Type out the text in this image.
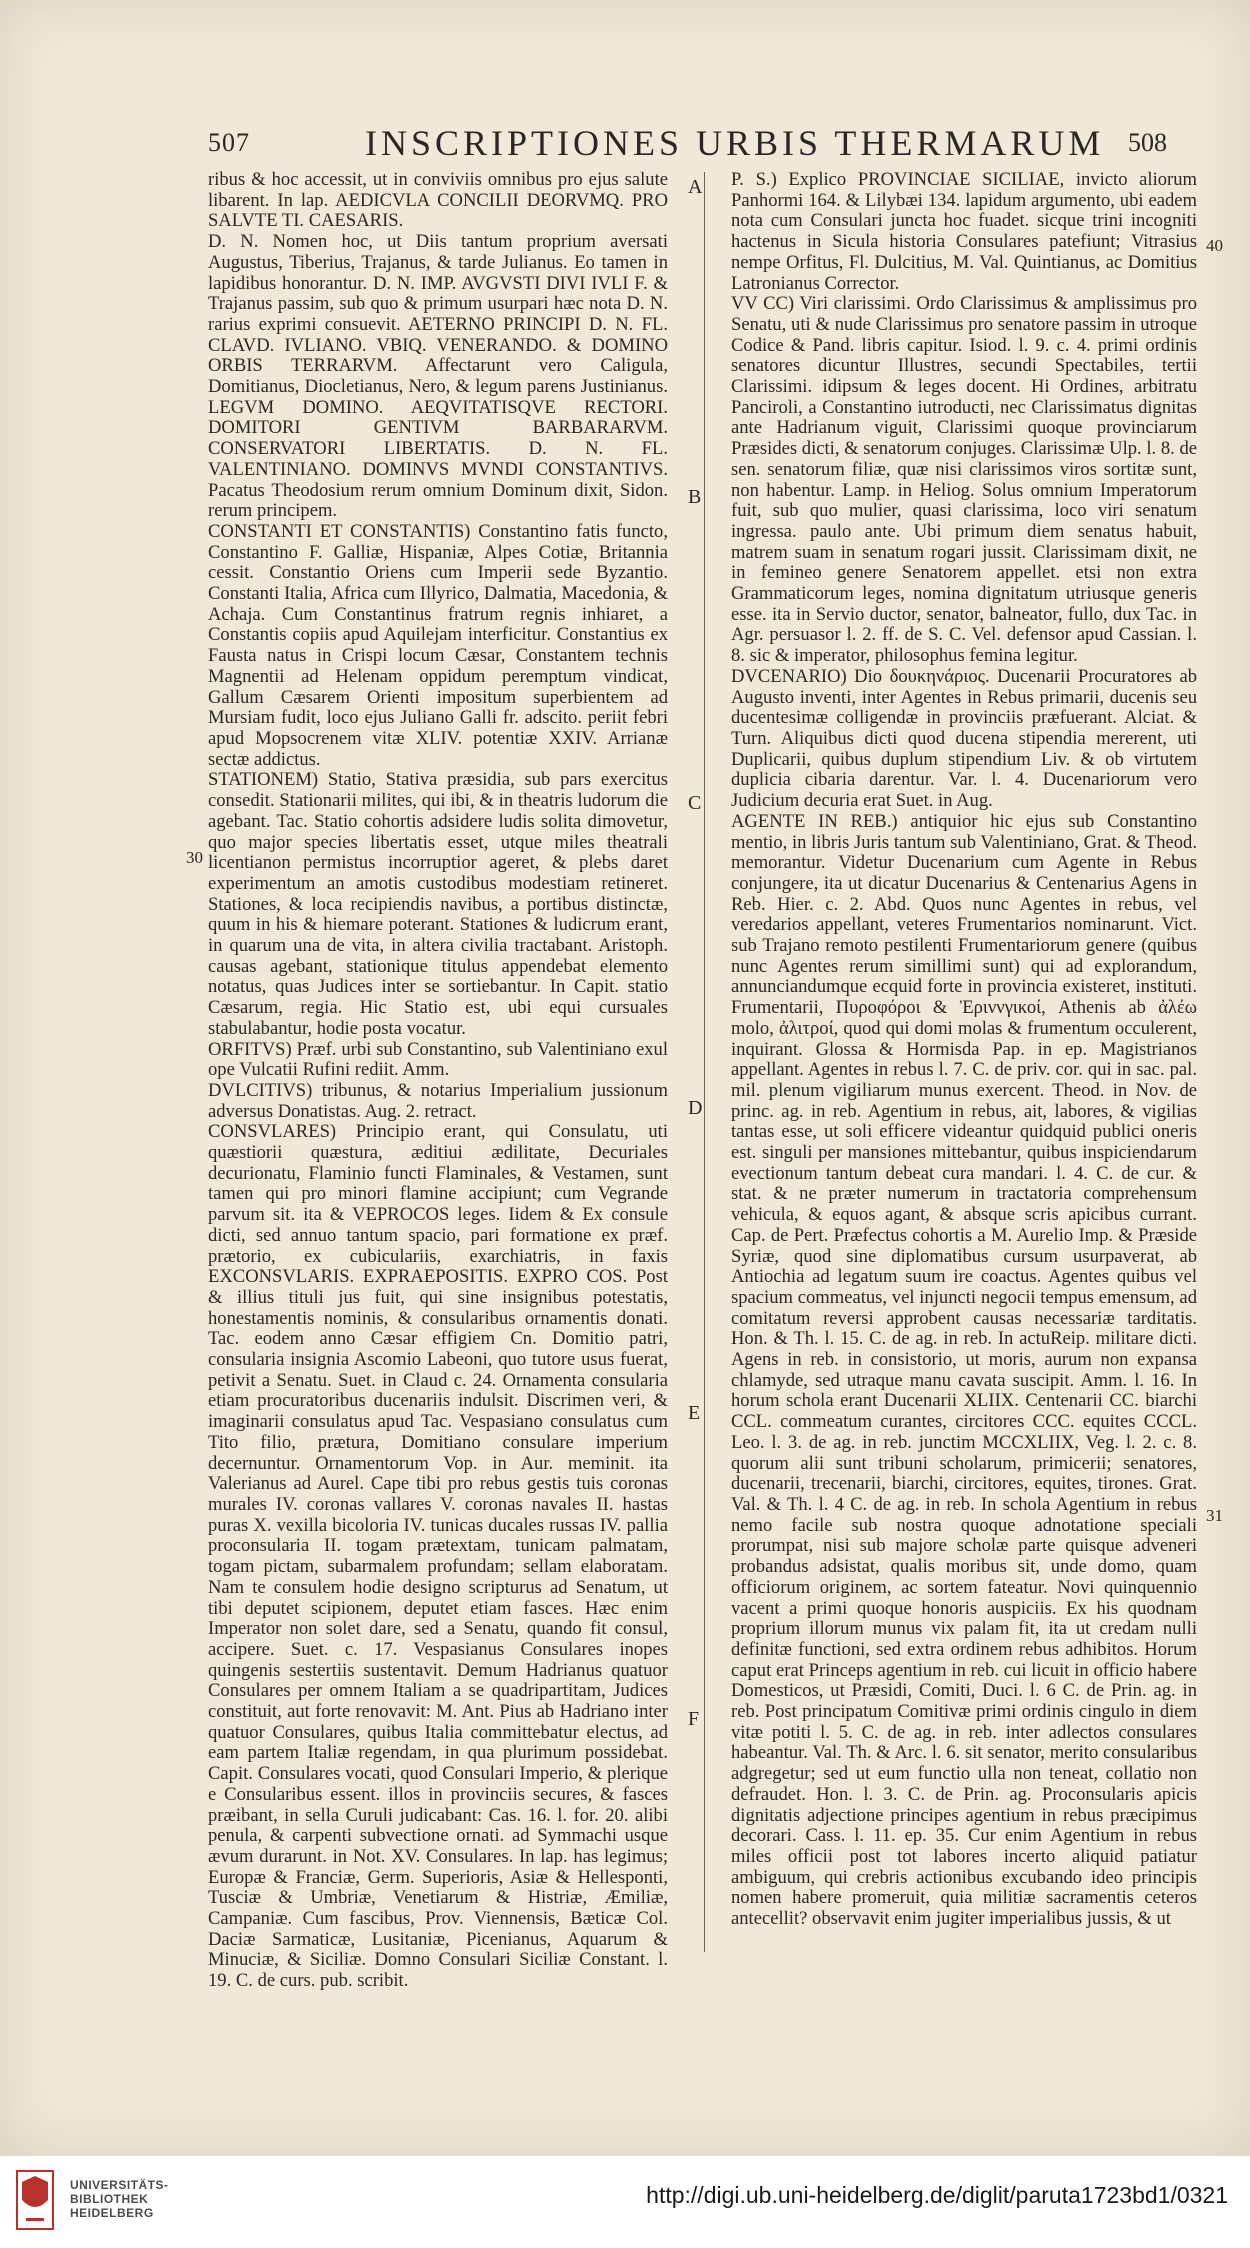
507	INSCRIPTIONES URBIS THERMARUM 508

ribus & hoc accessit, ut in conviviis omnibus pro ejus salute libarent. In lap. AEDICVLA CONCILII DEORVMQ. PRO SALVTE TI. CAESARIS.

D. N. Nomen hoc, ut Diis tantum proprium aversati Augustus, Tiberius, Trajanus, & tarde Julianus. Eo tamen in lapidibus honorantur. D. N. IMP. AVGVSTI DIVI IVLI F. & Trajanus passim, sub quo & primum usurpari hæc nota D. N. rarius exprimi consuevit. AETERNO PRINCIPI D. N. FL. CLAVD. IVLIANO. VBIQ. VENERANDO. & DOMINO ORBIS TERRARVM. Affectarunt vero Caligula, Domitianus, Diocletianus, Nero, & legum parens Justinianus. LEGVM DOMINO. AEQVITATISQVE RECTORI. DOMITORI GENTIVM BARBARARVM. CONSERVATORI LIBERTATIS. D. N. FL. VALENTINIANO. DOMINVS MVNDI CONSTANTIVS. Pacatus Theodosium rerum omnium Dominum dixit, Sidon. rerum principem.

CONSTANTI ET CONSTANTIS) Constantino fatis functo, Constantino F. Galliæ, Hispaniæ, Alpes Cotiæ, Britannia cessit. Constantio Oriens cum Imperii sede Byzantio. Constanti Italia, Africa cum Illyrico, Dalmatia, Macedonia, & Achaja. Cum Constantinus fratrum regnis inhiaret, a Constantis copiis apud Aquilejam interficitur. Constantius ex Fausta natus in Crispi locum Cæsar, Constantem technis Magnentii ad Helenam oppidum peremptum vindicat, Gallum Cæsarem Orienti impositum superbientem ad Mursiam fudit, loco ejus Juliano Galli fr. adscito. periit febri apud Mopsocrenem vitæ XLIV. potentiæ XXIV. Arrianæ sectæ addictus.

STATIONEM) Statio, Stativa præsidia, sub pars exercitus consedit. Stationarii milites, qui ibi, & in theatris ludorum die agebant. Tac. Statio cohortis adsidere ludis solita dimovetur, quo major species libertatis esset, utque miles theatrali licentianon permistus incorruptior ageret, & plebs daret experimentum an amotis custodibus modestiam retineret. Stationes, & loca recipiendis navibus, a portibus distinctæ, quum in his & hiemare poterant. Stationes & ludicrum erant, in quarum una de vita, in altera civilia tractabant. Aristoph. causas agebant, stationique titulus appendebat elemento notatus, quas Judices inter se sortiebantur. In Capit. statio Cæsarum, regia. Hic Statio est, ubi equi cursuales stabulabantur, hodie posta vocatur.

ORFITVS) Præf. urbi sub Constantino, sub Valentiniano exul ope Vulcatii Rufini rediit. Amm.

DVLCITIVS) tribunus, & notarius Imperialium jussionum adversus Donatistas. Aug. 2. retract.

CONSVLARES) Principio erant, qui Consulatu, uti quæstiorii quæstura, æditiui ædilitate, Decuriales decurionatu, Flaminio functi Flaminales, & Vestamen, sunt tamen qui pro minori flamine accipiunt; cum Vegrande parvum sit. ita & VEPROCOS leges. Iidem & Ex consule dicti, sed annuo tantum spacio, pari formatione ex præf. prætorio, ex cubiculariis, exarchiatris, in faxis EXCONSVLARIS. EXPRAEPOSITIS. EXPRO COS. Post & illius tituli jus fuit, qui sine insignibus potestatis, honestamentis nominis, & consularibus ornamentis donati. Tac. eodem anno Cæsar effigiem Cn. Domitio patri, consularia insignia Ascomio Labeoni, quo tutore usus fuerat, petivit a Senatu. Suet. in Claud c. 24. Ornamenta consularia etiam procuratoribus ducenariis indulsit. Discrimen veri, & imaginarii consulatus apud Tac. Vespasiano consulatus cum Tito filio, prætura, Domitiano consulare imperium decernuntur. Ornamentorum Vop. in Aur. meminit. ita Valerianus ad Aurel. Cape tibi pro rebus gestis tuis coronas murales IV. coronas vallares V. coronas navales II. hastas puras X. vexilla bicoloria IV. tunicas ducales russas IV. pallia proconsularia II. togam prætextam, tunicam palmatam, togam pictam, subarmalem profundam; sellam elaboratam. Nam te consulem hodie designo scripturus ad Senatum, ut tibi deputet scipionem, deputet etiam fasces. Hæc enim Imperator non solet dare, sed a Senatu, quando fit consul, accipere. Suet. c. 17. Vespasianus Consulares inopes quingenis sestertiis sustentavit. Demum Hadrianus quatuor Consulares per omnem Italiam a se quadripartitam, Judices constituit, aut forte renovavit: M. Ant. Pius ab Hadriano inter quatuor Consulares, quibus Italia committebatur electus, ad eam partem Italiæ regendam, in qua plurimum possidebat. Capit. Consulares vocati, quod Consulari Imperio, & plerique e Consularibus essent. illos in provinciis secures, & fasces præibant, in sella Curuli judicabant: Cas. 16. l. for. 20. alibi penula, & carpenti subvectione ornati. ad Symmachi usque ævum durarunt. in Not. XV. Consulares. In lap. has legimus; Europæ & Franciæ, Germ. Superioris, Asiæ & Hellesponti, Tusciæ & Umbriæ, Venetiarum & Histriæ, Æmiliæ, Campaniæ. Cum fascibus, Prov. Viennensis, Bæticæ Col. Daciæ Sarmaticæ, Lusitaniæ, Picenianus, Aquarum & Minuciæ, & Siciliæ. Domno Consulari Siciliæ Constant. l. 19. C. de curs. pub. scribit.

A
B
C
D
E
F
30
40
31

P. S.) Explico PROVINCIAE SICILIAE, invicto aliorum Panhormi 164. & Lilybæi 134. lapidum argumento, ubi eadem nota cum Consulari juncta hoc fuadet. sicque trini incogniti hactenus in Sicula historia Consulares patefiunt; Vitrasius nempe Orfitus, Fl. Dulcitius, M. Val. Quintianus, ac Domitius Latronianus Corrector.

VV CC) Viri clarissimi. Ordo Clarissimus & amplissimus pro Senatu, uti & nude Clarissimus pro senatore passim in utroque Codice & Pand. libris capitur. Isiod. l. 9. c. 4. primi ordinis senatores dicuntur Illustres, secundi Spectabiles, tertii Clarissimi. idipsum & leges docent. Hi Ordines, arbitratu Panciroli, a Constantino iutroducti, nec Clarissimatus dignitas ante Hadrianum viguit, Clarissimi quoque provinciarum Præsides dicti, & senatorum conjuges. Clarissimæ Ulp. l. 8. de sen. senatorum filiæ, quæ nisi clarissimos viros sortitæ sunt, non habentur. Lamp. in Heliog. Solus omnium Imperatorum fuit, sub quo mulier, quasi clarissima, loco viri senatum ingressa. paulo ante. Ubi primum diem senatus habuit, matrem suam in senatum rogari jussit. Clarissimam dixit, ne in femineo genere Senatorem appellet. etsi non extra Grammaticorum leges, nomina dignitatum utriusque generis esse. ita in Servio ductor, senator, balneator, fullo, dux Tac. in Agr. persuasor l. 2. ff. de S. C. Vel. defensor apud Cassian. l. 8. sic & imperator, philosophus femina legitur.

DVCENARIO) Dio δουκηνάριος. Ducenarii Procuratores ab Augusto inventi, inter Agentes in Rebus primarii, ducenis seu ducentesimæ colligendæ in provinciis præfuerant. Alciat. & Turn. Aliquibus dicti quod ducena stipendia mererent, uti Duplicarii, quibus duplum stipendium Liv. & ob virtutem duplicia cibaria darentur. Var. l. 4. Ducenariorum vero Judicium decuria erat Suet. in Aug.

AGENTE IN REB.) antiquior hic ejus sub Constantino mentio, in libris Juris tantum sub Valentiniano, Grat. & Theod. memorantur. Videtur Ducenarium cum Agente in Rebus conjungere, ita ut dicatur Ducenarius & Centenarius Agens in Reb. Hier. c. 2. Abd. Quos nunc Agentes in rebus, vel veredarios appellant, veteres Frumentarios nominarunt. Vict. sub Trajano remoto pestilenti Frumentariorum genere (quibus nunc Agentes rerum simillimi sunt) qui ad explorandum, annunciandumque ecquid forte in provincia existeret, instituti. Frumentarii, Πυροφόροι & Ἐριννγικοί, Athenis ab ἀλέω molo, ἀλιτροί, quod qui domi molas & frumentum occulerent, inquirant. Glossa & Hormisda Pap. in ep. Magistrianos appellant. Agentes in rebus l. 7. C. de priv. cor. qui in sac. pal. mil. plenum vigiliarum munus exercent. Theod. in Nov. de princ. ag. in reb. Agentium in rebus, ait, labores, & vigilias tantas esse, ut soli efficere videantur quidquid publici oneris est. singuli per mansiones mittebantur, quibus inspiciendarum evectionum tantum debeat cura mandari. l. 4. C. de cur. & stat. & ne præter numerum in tractatoria comprehensum vehicula, & equos agant, & absque scris apicibus currant. Cap. de Pert. Præfectus cohortis a M. Aurelio Imp. & Præside Syriæ, quod sine diplomatibus cursum usurpaverat, ab Antiochia ad legatum suum ire coactus. Agentes quibus vel spacium commeatus, vel injuncti negocii tempus emensum, ad comitatum reversi approbent causas necessariæ tarditatis. Hon. & Th. l. 15. C. de ag. in reb. In actuReip. militare dicti. Agens in reb. in consistorio, ut moris, aurum non expansa chlamyde, sed utraque manu cavata suscipit. Amm. l. 16. In horum schola erant Ducenarii XLIIX. Centenarii CC. biarchi CCL. commeatum curantes, circitores CCC. equites CCCL. Leo. l. 3. de ag. in reb. junctim MCCXLIIX, Veg. l. 2. c. 8. quorum alii sunt tribuni scholarum, primicerii; senatores, ducenarii, trecenarii, biarchi, circitores, equites, tirones. Grat. Val. & Th. l. 4 C. de ag. in reb. In schola Agentium in rebus nemo facile sub nostra quoque adnotatione speciali prorumpat, nisi sub majore scholæ parte quisque adveneri probandus adsistat, qualis moribus sit, unde domo, quam officiorum originem, ac sortem fateatur. Novi quinquennio vacent a primi quoque honoris auspiciis. Ex his quodnam proprium illorum munus vix palam fit, ita ut credam nulli definitæ functioni, sed extra ordinem rebus adhibitos. Horum caput erat Princeps agentium in reb. cui licuit in officio habere Domesticos, ut Præsidi, Comiti, Duci. l. 6 C. de Prin. ag. in reb. Post principatum Comitivæ primi ordinis cingulo in diem vitæ potiti l. 5. C. de ag. in reb. inter adlectos consulares habeantur. Val. Th. & Arc. l. 6. sit senator, merito consularibus adgregetur; sed ut eum functio ulla non teneat, collatio non defraudet. Hon. l. 3. C. de Prin. ag. Proconsularis apicis dignitatis adjectione principes agentium in rebus præcipimus decorari. Cass. l. 11. ep. 35. Cur enim Agentium in rebus miles officii post tot labores incerto aliquid patiatur ambiguum, qui crebris actionibus excubando ideo principis nomen habere promeruit, quia militiæ sacramentis ceteros antecellit? observavit enim jugiter imperialibus jussis, & ut

UNIVERSITÄTS-
BIBLIOTHEK
HEIDELBERG
http://digi.ub.uni-heidelberg.de/diglit/paruta1723bd1/0321
